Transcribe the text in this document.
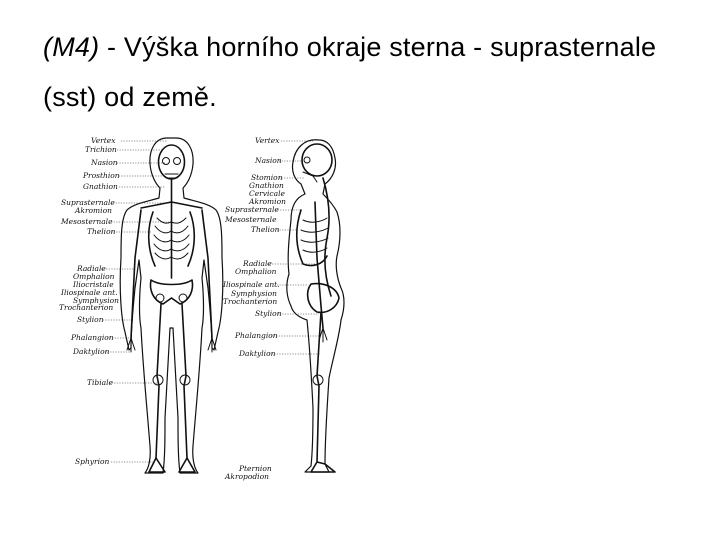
(M4) - Výška horního okraje sterna - suprasternale (sst) od země.
Vertex
Trichion
Nasion
Prosthion
Gnathion
Suprasternale
Akromion
Mesosternale
Thelion
Radiale
Omphalion
Iliocristale
Iliospinale ant.
Symphysion
Trochanterion
Stylion
Phalangion
Daktylion
Tibiale
Sphyrion
Vertex
Nasion
Stomion
Gnathion
Cervicale
Akromion
Suprasternale
Mesosternale
Thelion
Radiale
Omphalion
Iliospinale ant.
Symphysion
Trochanterion
Stylion
Phalangion
Daktylion
Pternion
Akropodion
